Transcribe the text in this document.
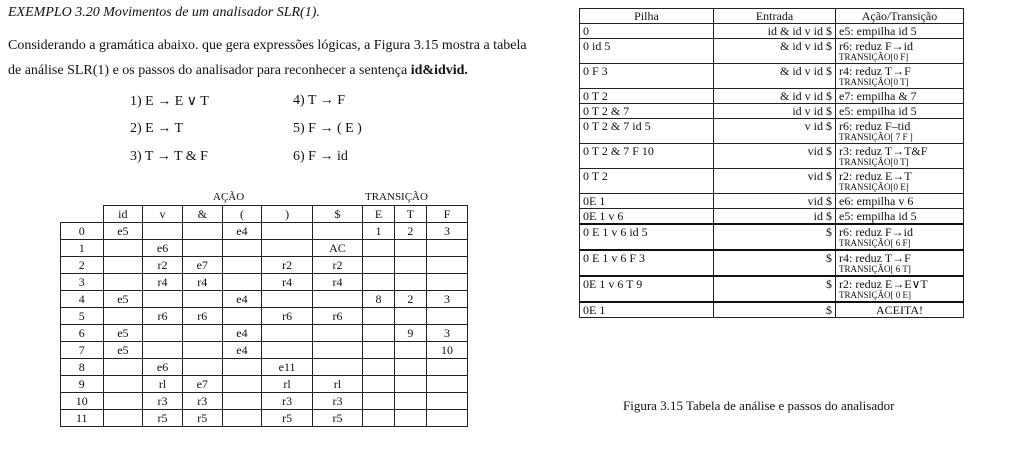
EXEMPLO 3.20 Movimentos de um analisador SLR(1).
Considerando a gramática abaixo. que gera expressões lógicas, a Figura 3.15 mostra a tabela
de análise SLR(1) e os passos do analisador para reconhecer a sentença id&idvid.
1) E → E ∨ T
2) E → T
3) T → T & F
4) T → F
5) F → ( E )
6) F → id
AÇÃO	TRANSIÇÃO
	id	v	&	(	)	$	E	T	F
0	e5			e4			1	2	3
1		e6				AC			
2		r2	e7		r2	r2			
3		r4	r4		r4	r4			
4	e5			e4			8	2	3
5		r6	r6		r6	r6			
6	e5			e4				9	3
7	e5			e4					10
8		e6			e11				
9		rl	e7		rl	rl			
10		r3	r3		r3	r3			
11		r5	r5		r5	r5			
Pilha	Entrada	Ação/Transição
0	id & id v id $	e5: empilha id 5
0 id 5	& id v id $	r6: reduz F→id
TRANSIÇÃO[0 F]

0 F 3	& id v id $	r4: reduz T→F
TRANSIÇÃO[0 T]

0 T 2	& id v id $	e7: empilha & 7
0 T 2 & 7	id v id $	e5: empilha id 5
0 T 2 & 7 id 5	v id $	r6: reduz F–tid
TRANSIÇÃO[ 7 F ]

0 T 2 & 7 F 10	vid $	r3: reduz T→T&F
TRANSIÇÃO[0 T]

0 T 2	vid $	r2: reduz E→T
TRANSIÇÃO[0 E]

0E 1	vid $	e6: empilha v 6
0E 1 v 6	id $	e5: empilha id 5
0 E 1 v 6 id 5	$	r6: reduz F→id
TRANSIÇÃO[ 6 F]

0 E 1 v 6 F 3	$	r4: reduz T→F
TRANSIÇÃO[ 6 T]

0E 1 v 6 T 9	$	r2: reduz E→E∨T
TRANSIÇÃO[ 0 E]

0E 1	$	ACEITA!
Figura 3.15 Tabela de análise e passos do analisador
